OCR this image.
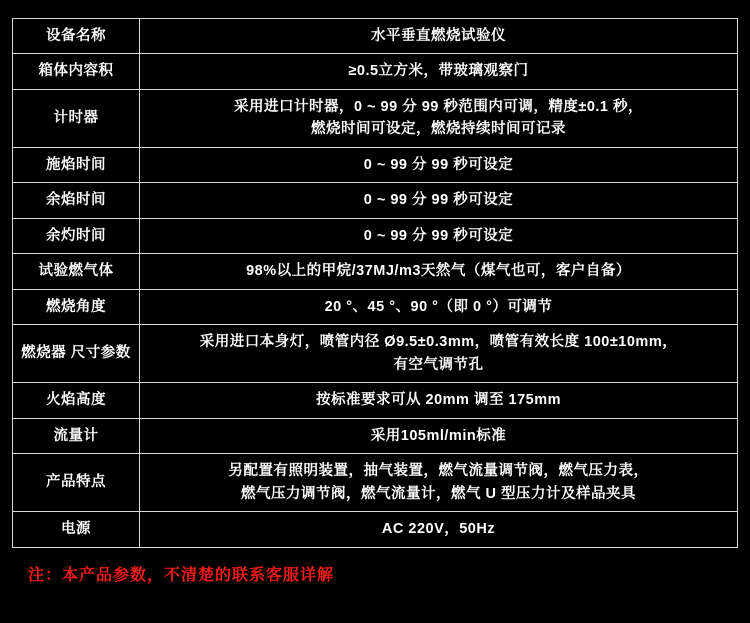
设备名称	水平垂直燃烧试验仪

箱体内容积	≥0.5立方米，带玻璃观察门

计时器	采用进口计时器，0 ~ 99 分 99 秒范围内可调，精度±0.1 秒，
燃烧时间可设定，燃烧持续时间可记录

施焰时间	0 ~ 99 分 99 秒可设定

余焰时间	0 ~ 99 分 99 秒可设定

余灼时间	0 ~ 99 分 99 秒可设定

试验燃气体	98%以上的甲烷/37MJ/m3天然气（煤气也可，客户自备）

燃烧角度	20 °、45 °、90 °（即 0 °）可调节

燃烧器 尺寸参数	采用进口本身灯，喷管内径 Ø9.5±0.3mm，喷管有效长度 100±10mm，
有空气调节孔

火焰高度	按标准要求可从 20mm 调至 175mm

流量计	采用105ml/min标准

产品特点	另配置有照明装置，抽气装置，燃气流量调节阀，燃气压力表，
燃气压力调节阀，燃气流量计，燃气 U 型压力计及样品夹具

电源	AC 220V，50Hz
注：本产品参数，不清楚的联系客服详解
